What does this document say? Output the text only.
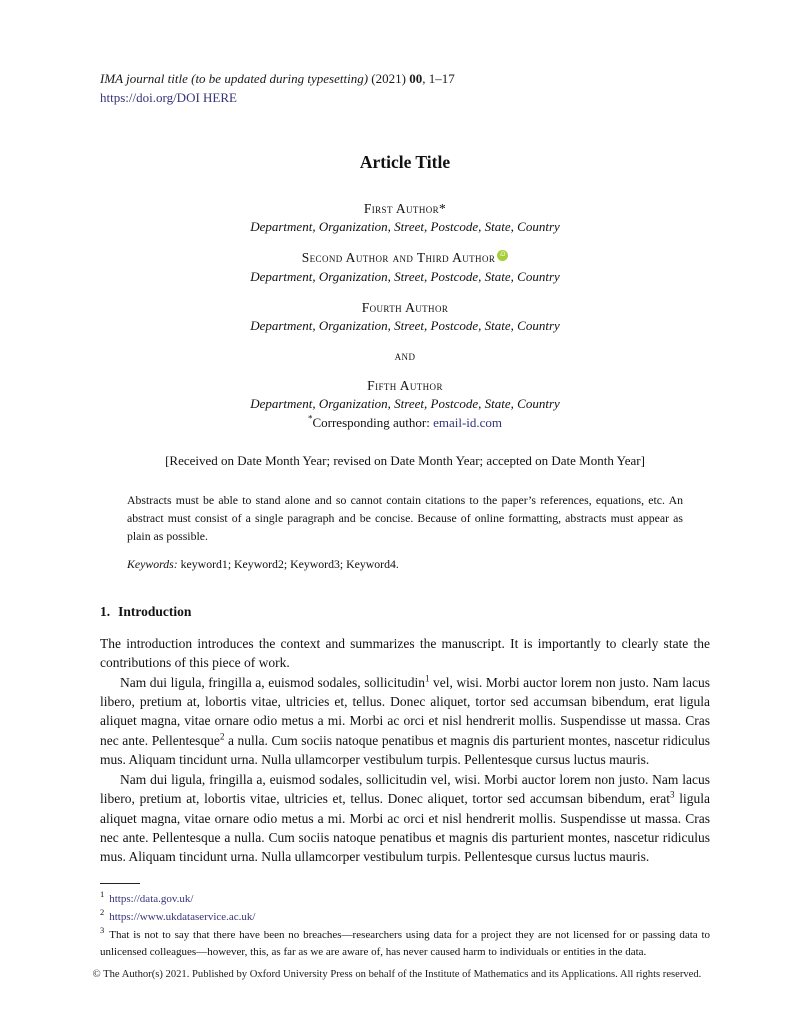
IMA journal title (to be updated during typesetting) (2021) 00, 1–17
https://doi.org/DOI HERE
Article Title
First Author*
Department, Organization, Street, Postcode, State, Country
Second Author and Third AuthoriD
Department, Organization, Street, Postcode, State, Country
Fourth Author
Department, Organization, Street, Postcode, State, Country
and
Fifth Author
Department, Organization, Street, Postcode, State, Country
*Corresponding author: email-id.com
[Received on Date Month Year; revised on Date Month Year; accepted on Date Month Year]
Abstracts must be able to stand alone and so cannot contain citations to the paper’s references, equations, etc. An abstract must consist of a single paragraph and be concise. Because of online formatting, abstracts must appear as plain as possible.
Keywords: keyword1; Keyword2; Keyword3; Keyword4.
1. Introduction

The introduction introduces the context and summarizes the manuscript. It is importantly to clearly state the contributions of this piece of work.

Nam dui ligula, fringilla a, euismod sodales, sollicitudin$^1$ vel, wisi. Morbi auctor lorem non justo. Nam lacus libero, pretium at, lobortis vitae, ultricies et, tellus. Donec aliquet, tortor sed accumsan bibendum, erat ligula aliquet magna, vitae ornare odio metus a mi. Morbi ac orci et nisl hendrerit mollis. Suspendisse ut massa. Cras nec ante. Pellentesque$^2$ a nulla. Cum sociis natoque penatibus et magnis dis parturient montes, nascetur ridiculus mus. Aliquam tincidunt urna. Nulla ullamcorper vestibulum turpis. Pellentesque cursus luctus mauris.

Nam dui ligula, fringilla a, euismod sodales, sollicitudin vel, wisi. Morbi auctor lorem non justo. Nam lacus libero, pretium at, lobortis vitae, ultricies et, tellus. Donec aliquet, tortor sed accumsan bibendum, erat$^3$ ligula aliquet magna, vitae ornare odio metus a mi. Morbi ac orci et nisl hendrerit mollis. Suspendisse ut massa. Cras nec ante. Pellentesque a nulla. Cum sociis natoque penatibus et magnis dis parturient montes, nascetur ridiculus mus. Aliquam tincidunt urna. Nulla ullamcorper vestibulum turpis. Pellentesque cursus luctus mauris.

$^1$ https://data.gov.uk/
$^2$ https://www.ukdataservice.ac.uk/
$^3$ That is not to say that there have been no breaches—researchers using data for a project they are not licensed for or passing data to unlicensed colleagues—however, this, as far as we are aware of, has never caused harm to individuals or entities in the data.
© The Author(s) 2021. Published by Oxford University Press on behalf of the Institute of Mathematics and its Applications. All rights reserved.
